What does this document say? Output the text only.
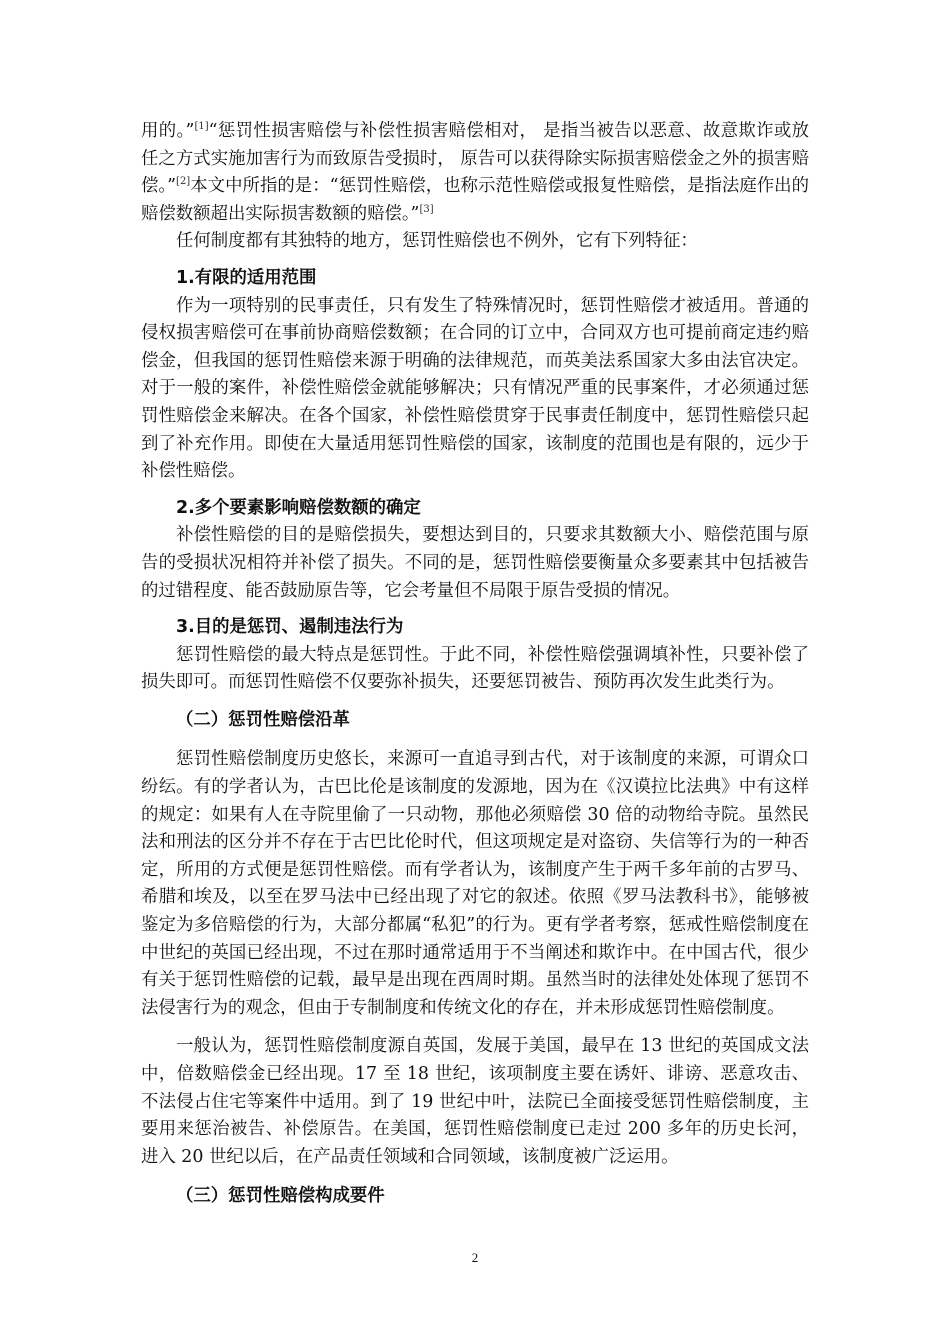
用的。”[1]“惩罚性损害赔偿与补偿性损害赔偿相对， 是指当被告以恶意、故意欺诈或放任之方式实施加害行为而致原告受损时， 原告可以获得除实际损害赔偿金之外的损害赔偿。”[2]本文中所指的是：“惩罚性赔偿，也称示范性赔偿或报复性赔偿，是指法庭作出的赔偿数额超出实际损害数额的赔偿。”[3]

任何制度都有其独特的地方，惩罚性赔偿也不例外，它有下列特征：

1.有限的适用范围

作为一项特别的民事责任，只有发生了特殊情况时，惩罚性赔偿才被适用。普通的侵权损害赔偿可在事前协商赔偿数额；在合同的订立中，合同双方也可提前商定违约赔偿金，但我国的惩罚性赔偿来源于明确的法律规范，而英美法系国家大多由法官决定。对于一般的案件，补偿性赔偿金就能够解决；只有情况严重的民事案件，才必须通过惩罚性赔偿金来解决。在各个国家，补偿性赔偿贯穿于民事责任制度中，惩罚性赔偿只起到了补充作用。即使在大量适用惩罚性赔偿的国家，该制度的范围也是有限的，远少于补偿性赔偿。

2.多个要素影响赔偿数额的确定

补偿性赔偿的目的是赔偿损失，要想达到目的，只要求其数额大小、赔偿范围与原告的受损状况相符并补偿了损失。不同的是，惩罚性赔偿要衡量众多要素其中包括被告的过错程度、能否鼓励原告等，它会考量但不局限于原告受损的情况。

3.目的是惩罚、遏制违法行为

惩罚性赔偿的最大特点是惩罚性。于此不同，补偿性赔偿强调填补性，只要补偿了损失即可。而惩罚性赔偿不仅要弥补损失，还要惩罚被告、预防再次发生此类行为。

（二）惩罚性赔偿沿革

惩罚性赔偿制度历史悠长，来源可一直追寻到古代，对于该制度的来源，可谓众口纷纭。有的学者认为，古巴比伦是该制度的发源地，因为在《汉谟拉比法典》中有这样的规定：如果有人在寺院里偷了一只动物，那他必须赔偿 30 倍的动物给寺院。虽然民法和刑法的区分并不存在于古巴比伦时代，但这项规定是对盗窃、失信等行为的一种否定，所用的方式便是惩罚性赔偿。而有学者认为，该制度产生于两千多年前的古罗马、希腊和埃及，以至在罗马法中已经出现了对它的叙述。依照《罗马法教科书》，能够被鉴定为多倍赔偿的行为，大部分都属“私犯”的行为。更有学者考察，惩戒性赔偿制度在中世纪的英国已经出现，不过在那时通常适用于不当阐述和欺诈中。在中国古代，很少有关于惩罚性赔偿的记载，最早是出现在西周时期。虽然当时的法律处处体现了惩罚不法侵害行为的观念，但由于专制制度和传统文化的存在，并未形成惩罚性赔偿制度。

一般认为，惩罚性赔偿制度源自英国，发展于美国，最早在 13 世纪的英国成文法中，倍数赔偿金已经出现。17 至 18 世纪，该项制度主要在诱奸、诽谤、恶意攻击、不法侵占住宅等案件中适用。到了 19 世纪中叶，法院已全面接受惩罚性赔偿制度，主要用来惩治被告、补偿原告。在美国，惩罚性赔偿制度已走过 200 多年的历史长河，进入 20 世纪以后，在产品责任领域和合同领域，该制度被广泛运用。

（三）惩罚性赔偿构成要件
2
